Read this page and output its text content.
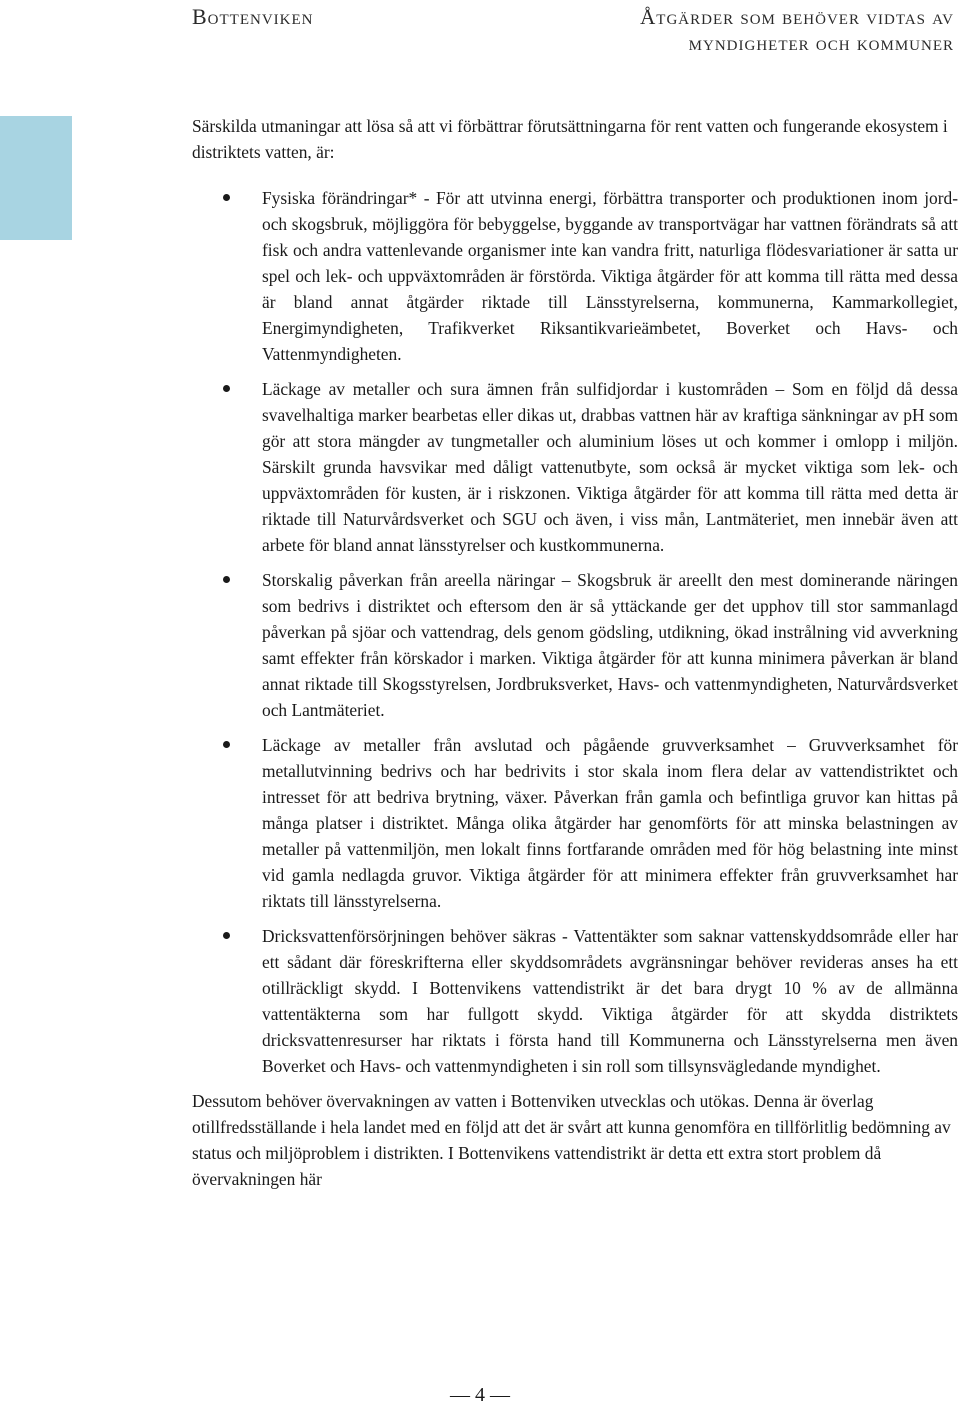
Bottenviken	Åtgärder som behöver vidtas av myndigheter och kommuner

Särskilda utmaningar att lösa så att vi förbättrar förutsättningarna för rent vatten och fungerande ekosystem i distriktets vatten, är:

Fysiska förändringar* - För att utvinna energi, förbättra transporter och produktionen inom jord- och skogsbruk, möjliggöra för bebyggelse, byggande av transportvägar har vattnen förändrats så att fisk och andra vattenlevande organismer inte kan vandra fritt, naturliga flödesvariationer är satta ur spel och lek- och uppväxtområden är förstörda. Viktiga åtgärder för att komma till rätta med dessa är bland annat åtgärder riktade till Länsstyrelserna, kommunerna, Kammarkollegiet, Energimyndigheten, Trafikverket Riksantikvarieämbetet, Boverket och Havs- och Vattenmyndigheten.
Läckage av metaller och sura ämnen från sulfidjordar i kustområden – Som en följd då dessa svavelhaltiga marker bearbetas eller dikas ut, drabbas vattnen här av kraftiga sänkningar av pH som gör att stora mängder av tungmetaller och aluminium löses ut och kommer i omlopp i miljön. Särskilt grunda havsvikar med dåligt vattenutbyte, som också är mycket viktiga som lek- och uppväxtområden för kusten, är i riskzonen. Viktiga åtgärder för att komma till rätta med detta är riktade till Naturvårdsverket och SGU och även, i viss mån, Lantmäteriet, men innebär även att arbete för bland annat länsstyrelser och kustkommunerna.
Storskalig påverkan från areella näringar – Skogsbruk är areellt den mest dominerande näringen som bedrivs i distriktet och eftersom den är så yttäckande ger det upphov till stor sammanlagd påverkan på sjöar och vattendrag, dels genom gödsling, utdikning, ökad instrålning vid avverkning samt effekter från körskador i marken. Viktiga åtgärder för att kunna minimera påverkan är bland annat riktade till Skogsstyrelsen, Jordbruksverket, Havs- och vattenmyndigheten, Naturvårdsverket och Lantmäteriet.
Läckage av metaller från avslutad och pågående gruvverksamhet – Gruvverksamhet för metallutvinning bedrivs och har bedrivits i stor skala inom flera delar av vattendistriktet och intresset för att bedriva brytning, växer. Påverkan från gamla och befintliga gruvor kan hittas på många platser i distriktet. Många olika åtgärder har genomförts för att minska belastningen av metaller på vattenmiljön, men lokalt finns fortfarande områden med för hög belastning inte minst vid gamla nedlagda gruvor. Viktiga åtgärder för att minimera effekter från gruvverksamhet har riktats till länsstyrelserna.
Dricksvattenförsörjningen behöver säkras - Vattentäkter som saknar vattenskyddsområde eller har ett sådant där föreskrifterna eller skyddsområdets avgränsningar behöver revideras anses ha ett otillräckligt skydd. I Bottenvikens vattendistrikt är det bara drygt 10 % av de allmänna vattentäkterna som har fullgott skydd. Viktiga åtgärder för att skydda distriktets dricksvattenresurser har riktats i första hand till Kommunerna och Länsstyrelserna men även Boverket och Havs- och vattenmyndigheten i sin roll som tillsynsvägledande myndighet.

Dessutom behöver övervakningen av vatten i Bottenviken utvecklas och utökas. Denna är överlag otillfredsställande i hela landet med en följd att det är svårt att kunna genomföra en tillförlitlig bedömning av status och miljöproblem i distrikten. I Bottenvikens vattendistrikt är detta ett extra stort problem då övervakningen här

— 4 —
